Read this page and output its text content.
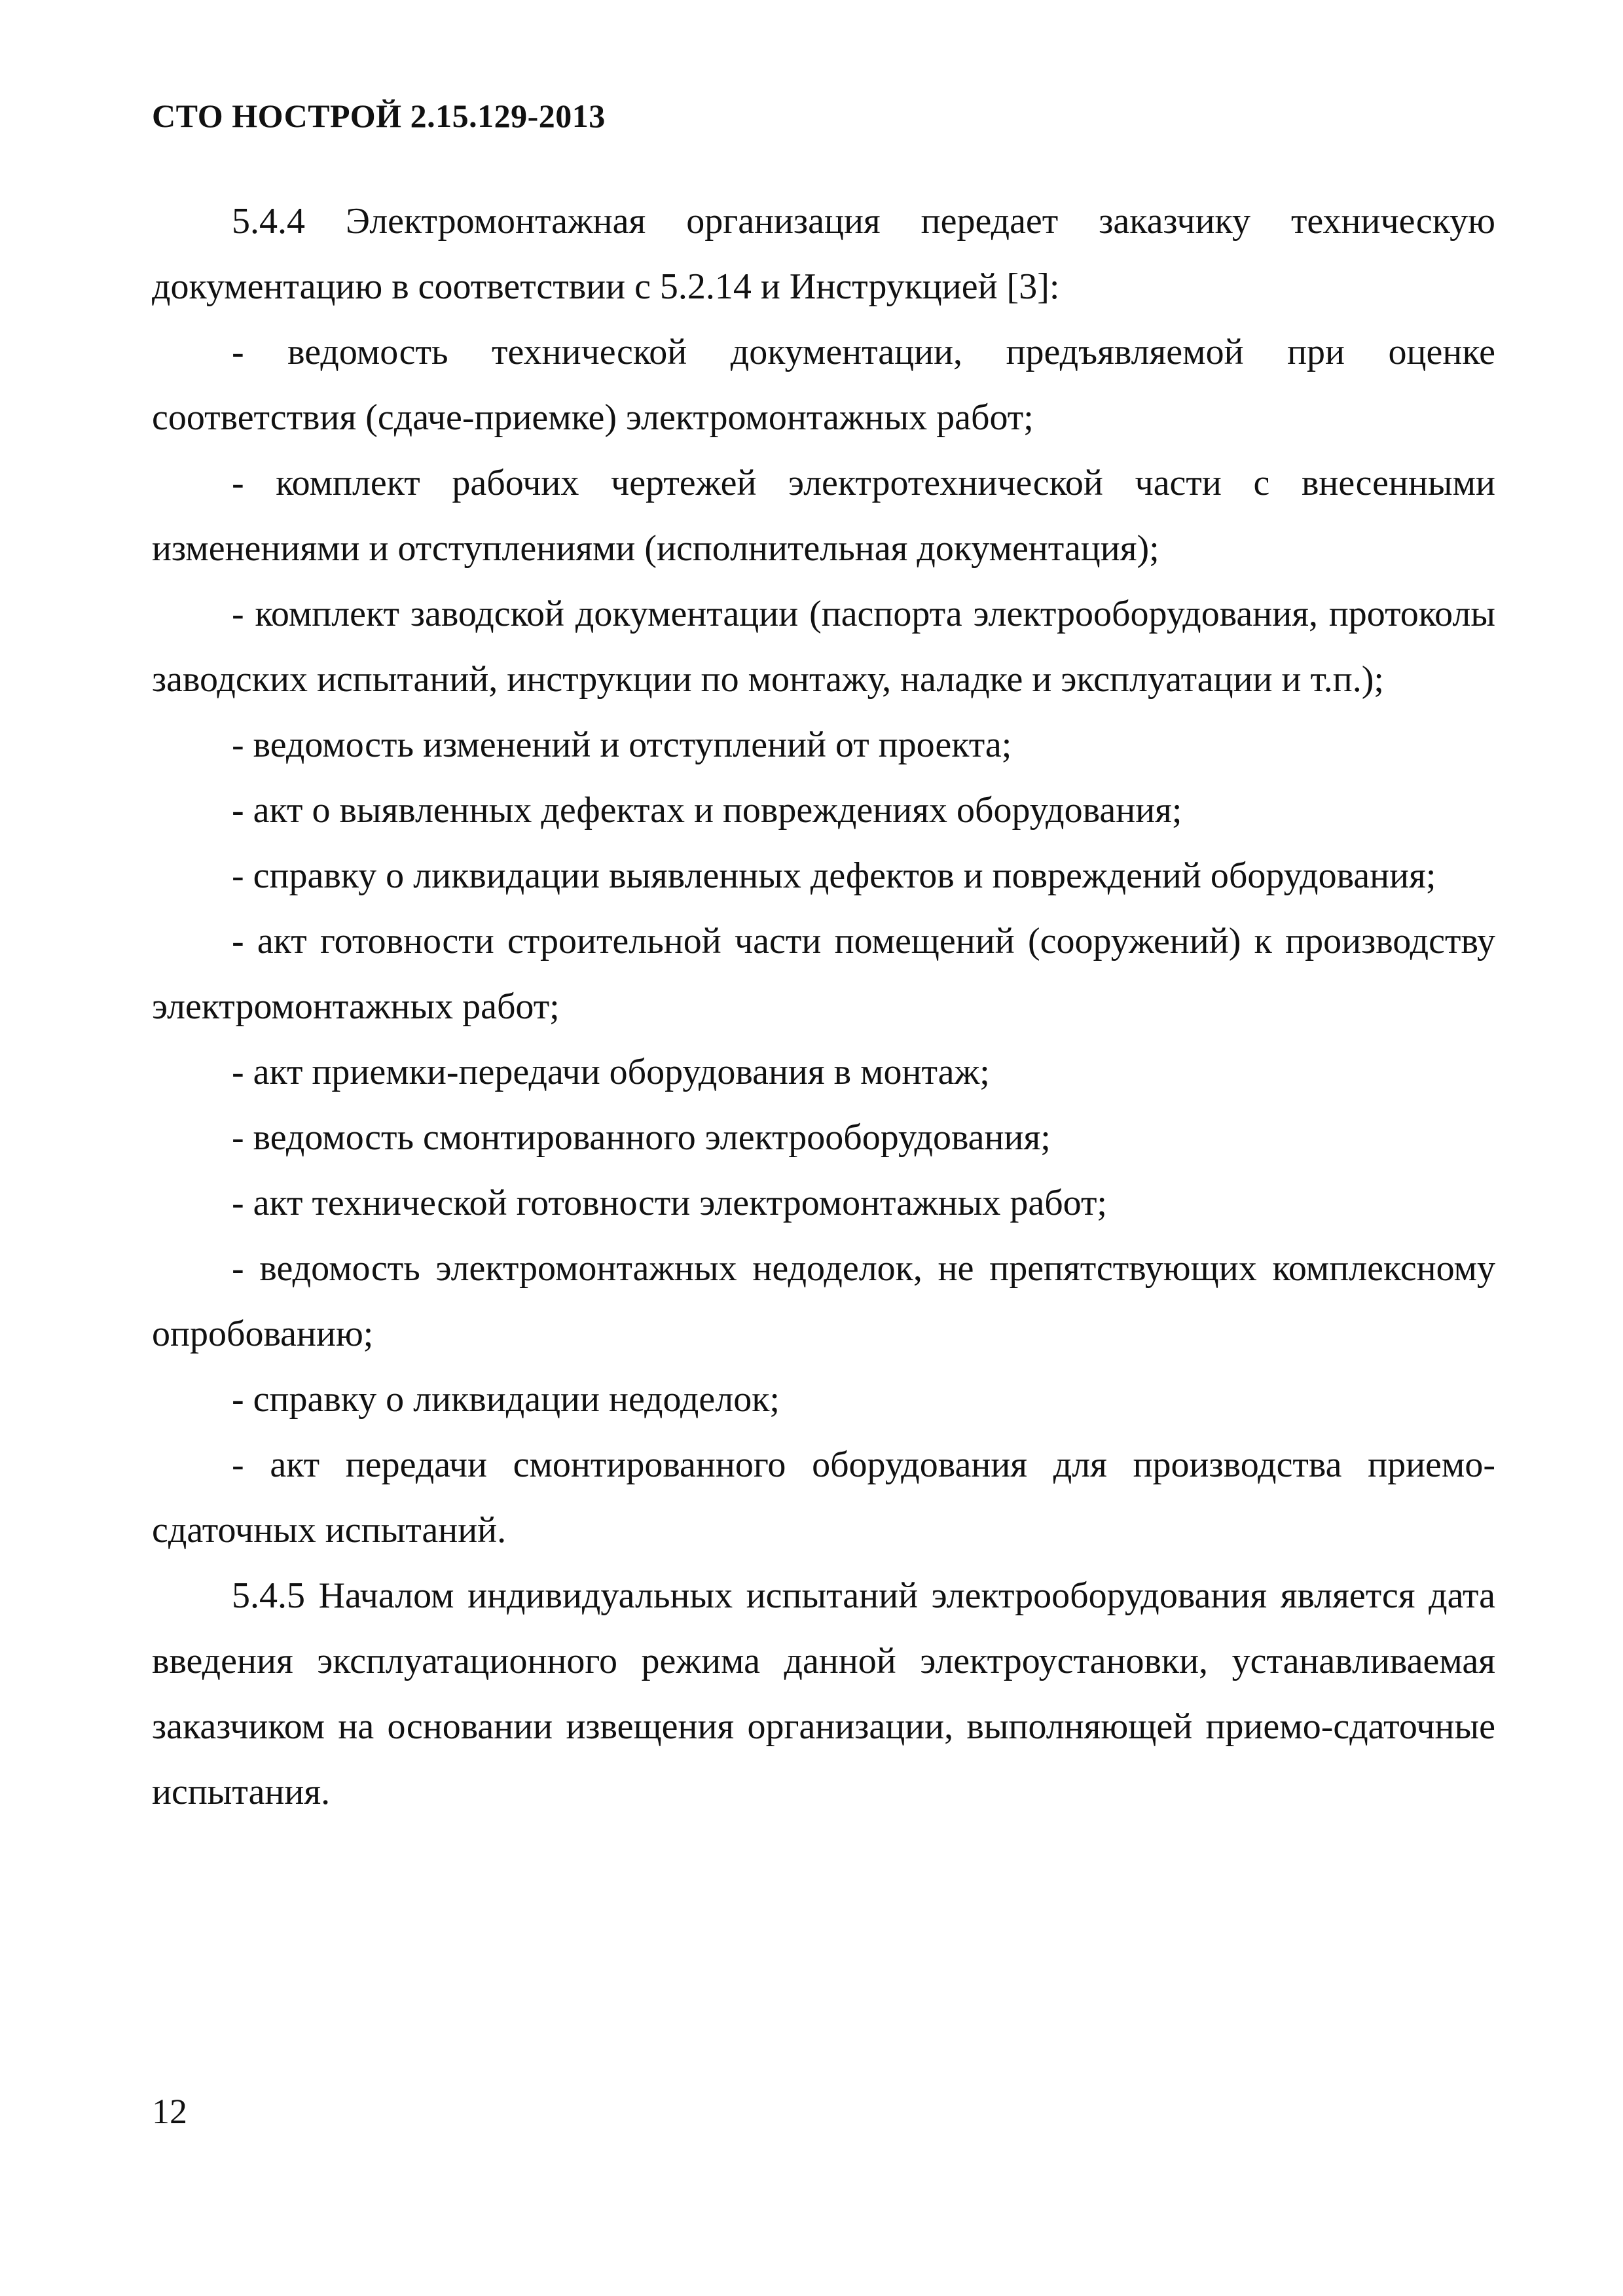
СТО НОСТРОЙ 2.15.129-2013

5.4.4 Электромонтажная организация передает заказчику техническую документацию в соответствии с 5.2.14 и Инструкцией [3]:

- ведомость технической документации, предъявляемой при оценке соответствия (сдаче-приемке) электромонтажных работ;

- комплект рабочих чертежей электротехнической части с внесенными изменениями и отступлениями (исполнительная документация);

- комплект заводской документации (паспорта электрооборудования, протоколы заводских испытаний, инструкции по монтажу, наладке и эксплуатации и т.п.);

- ведомость изменений и отступлений от проекта;

- акт о выявленных дефектах и повреждениях оборудования;

- справку о ликвидации выявленных дефектов и повреждений оборудования;

- акт готовности строительной части помещений (сооружений) к производству электромонтажных работ;

- акт приемки-передачи оборудования в монтаж;

- ведомость смонтированного электрооборудования;

- акт технической готовности электромонтажных работ;

- ведомость электромонтажных недоделок, не препятствующих комплексному опробованию;

- справку о ликвидации недоделок;

- акт передачи смонтированного оборудования для производства приемо-сдаточных испытаний.

5.4.5 Началом индивидуальных испытаний электрооборудования является дата введения эксплуатационного режима данной электроустановки, устанавливаемая заказчиком на основании извещения организации, выполняющей приемо-сдаточные испытания.

12
